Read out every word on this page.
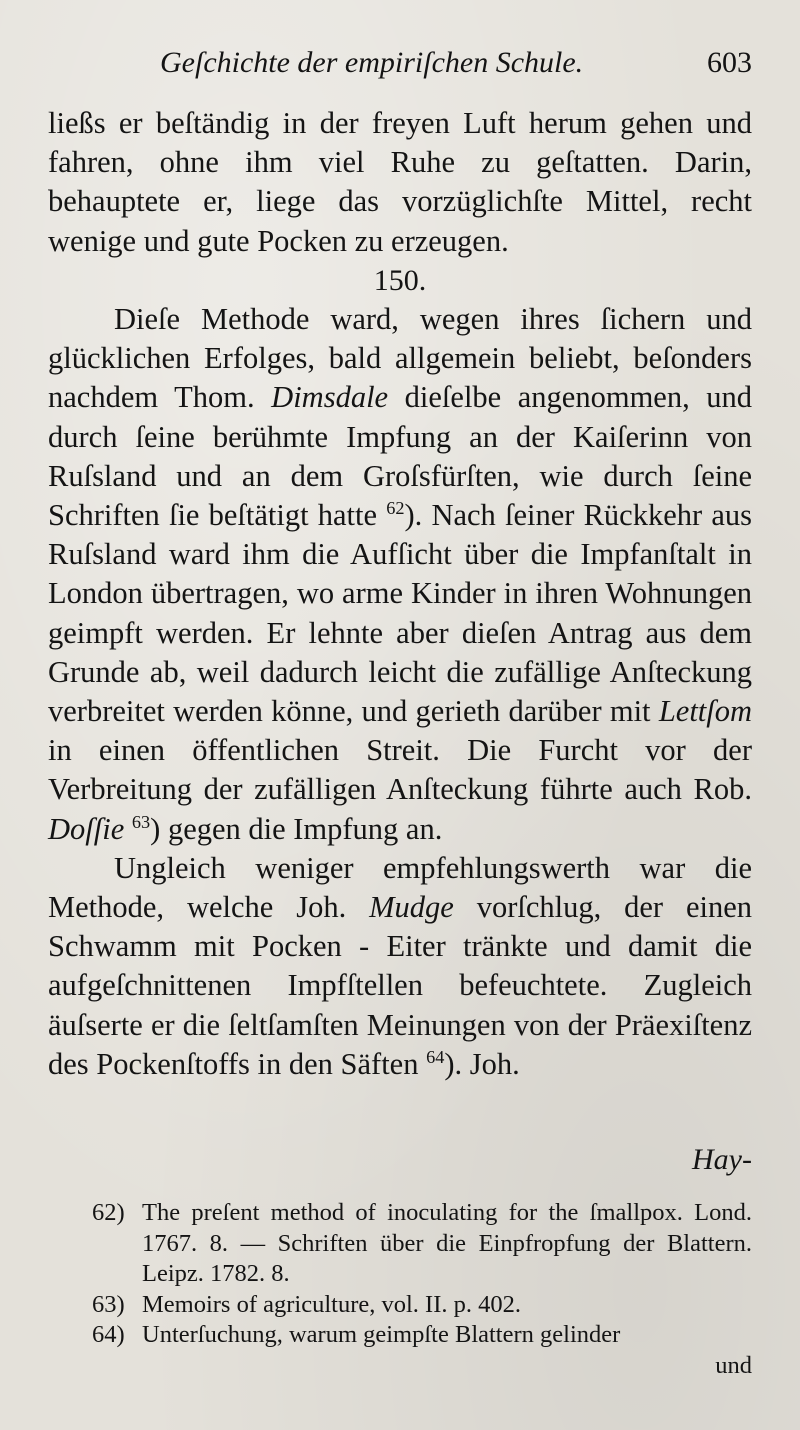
Geſchichte der empiriſchen Schule.	603

ließs er beſtändig in der freyen Luft herum gehen und fahren, ohne ihm viel Ruhe zu geſtatten. Darin, behauptete er, liege das vorzüglichſte Mittel, recht wenige und gute Pocken zu erzeugen.

150.

Dieſe Methode ward, wegen ihres ſichern und glücklichen Erfolges, bald allgemein beliebt, beſonders nachdem Thom. Dimsdale dieſelbe angenommen, und durch ſeine berühmte Impfung an der Kaiſerinn von Ruſsland und an dem Groſsfürſten, wie durch ſeine Schriften ſie beſtätigt hatte $^{62}$). Nach ſeiner Rückkehr aus Ruſsland ward ihm die Aufſicht über die Impfanſtalt in London übertragen, wo arme Kinder in ihren Wohnungen geimpft werden. Er lehnte aber dieſen Antrag aus dem Grunde ab, weil dadurch leicht die zufällige Anſteckung verbreitet werden könne, und gerieth darüber mit Lettſom in einen öffentlichen Streit. Die Furcht vor der Verbreitung der zufälligen Anſteckung führte auch Rob. Doſſie $^{63}$) gegen die Impfung an.

Ungleich weniger empfehlungswerth war die Methode, welche Joh. Mudge vorſchlug, der einen Schwamm mit Pocken - Eiter tränkte und damit die aufgeſchnittenen Impfſtellen befeuchtete. Zugleich äuſserte er die ſeltſamſten Meinungen von der Präexiſtenz des Pockenſtoffs in den Säften $^{64}$). Joh.

Hay-

62) The preſent method of inoculating for the ſmallpox. Lond. 1767. 8. — Schriften über die Einpfropfung der Blattern. Leipz. 1782. 8.

63) Memoirs of agriculture, vol. II. p. 402.

64) Unterſuchung, warum geimpſte Blattern gelinder

und
